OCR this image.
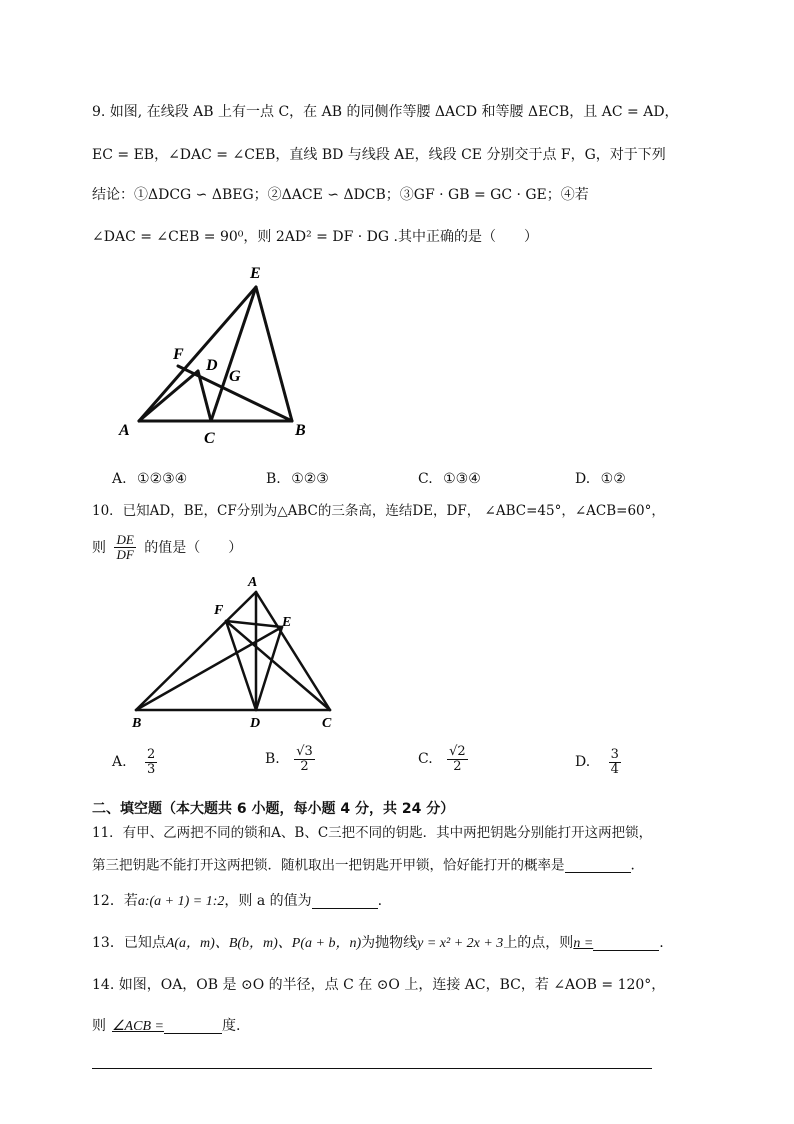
9. 如图, 在线段 AB 上有一点 C，在 AB 的同侧作等腰 ΔACD 和等腰 ΔECB，且 AC = AD，
EC = EB，∠DAC = ∠CEB，直线 BD 与线段 AE，线段 CE 分别交于点 F，G，对于下列
结论：①ΔDCG ∽ ΔBEG；②ΔACE ∽ ΔDCB；③GF · GB = GC · GE；④若
∠DAC = ∠CEB = 90⁰，则 2AD² = DF · DG .其中正确的是（　　）
E
F
D
G
A	C	B
A. ①②③④	B. ①②③	C. ①③④	D. ①②
10．已知AD，BE，CF分别为△ABC的三条高，连结DE，DF， ∠ABC=45°，∠ACB=60°，
则 $\frac{DE}{DF}$ 的值是（　　）
A
F
E
B	D	C
A. $\frac{2}{3}$	B. $\frac{√3}{2}$	C. $\frac{√2}{2}$	D. $\frac{3}{4}$
二、填空题（本大题共 6 小题，每小题 4 分，共 24 分）
11．有甲、乙两把不同的锁和A、B、C三把不同的钥匙．其中两把钥匙分别能打开这两把锁，
第三把钥匙不能打开这两把锁．随机取出一把钥匙开甲锁，恰好能打开的概率是	.
12．若a:(a + 1) = 1:2，则 a 的值为	.
13．已知点A(a，m)、B(b，m)、P(a + b，n)为抛物线y = x² + 2x + 3上的点，则n =	.
14. 如图，OA，OB 是 ⊙O 的半径，点 C 在 ⊙O 上，连接 AC，BC，若 ∠AOB = 120°，
则 ∠ACB =	度.
